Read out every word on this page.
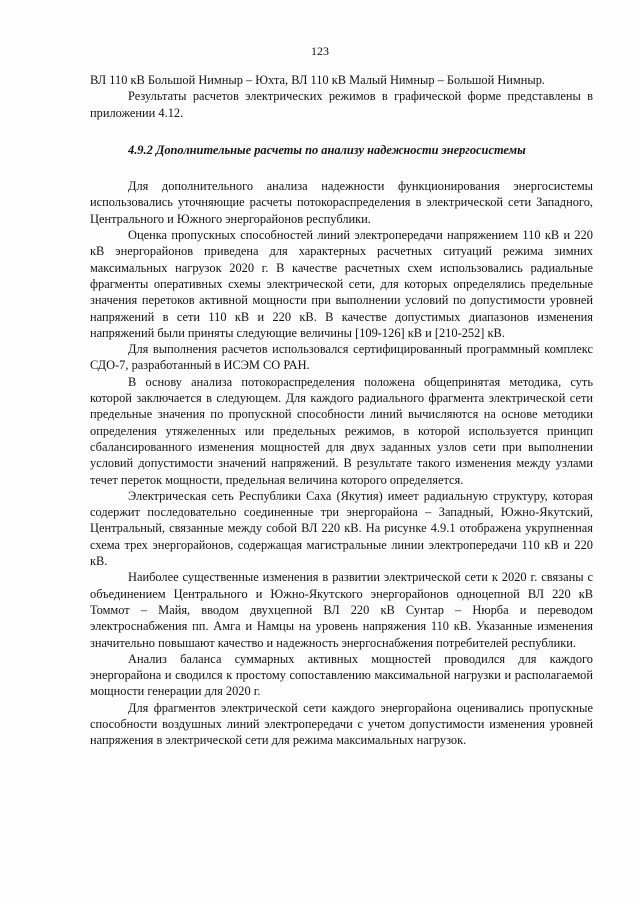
123

ВЛ 110 кВ Большой Нимныр – Юхта, ВЛ 110 кВ Малый Нимныр – Большой Нимныр.

Результаты расчетов электрических режимов в графической форме представлены в приложении 4.12.

4.9.2 Дополнительные расчеты по анализу надежности энергосистемы

Для дополнительного анализа надежности функционирования энергосистемы использовались уточняющие расчеты потокораспределения в электрической сети Западного, Центрального и Южного энергорайонов республики.

Оценка пропускных способностей линий электропередачи напряжением 110 кВ и 220 кВ энергорайонов приведена для характерных расчетных ситуаций режима зимних максимальных нагрузок 2020 г. В качестве расчетных схем использовались радиальные фрагменты оперативных схемы электрической сети, для которых определялись предельные значения перетоков активной мощности при выполнении условий по допустимости уровней напряжений в сети 110 кВ и 220 кВ. В качестве допустимых диапазонов изменения напряжений были приняты следующие величины [109-126] кВ и [210-252] кВ.

Для выполнения расчетов использовался сертифицированный программный комплекс СДО-7, разработанный в ИСЭМ СО РАН.

В основу анализа потокораспределения положена общепринятая методика, суть которой заключается в следующем. Для каждого радиального фрагмента электрической сети предельные значения по пропускной способности линий вычисляются на основе методики определения утяжеленных или предельных режимов, в которой используется принцип сбалансированного изменения мощностей для двух заданных узлов сети при выполнении условий допустимости значений напряжений. В результате такого изменения между узлами течет переток мощности, предельная величина которого определяется.

Электрическая сеть Республики Саха (Якутия) имеет радиальную структуру, которая содержит последовательно соединенные три энергорайона – Западный, Южно-Якутский, Центральный, связанные между собой ВЛ 220 кВ. На рисунке 4.9.1 отображена укрупненная схема трех энергорайонов, содержащая магистральные линии электропередачи 110 кВ и 220 кВ.

Наиболее существенные изменения в развитии электрической сети к 2020 г. связаны с объединением Центрального и Южно-Якутского энергорайонов одноцепной ВЛ 220 кВ Томмот – Майя, вводом двухцепной ВЛ 220 кВ Сунтар – Нюрба и переводом электроснабжения пп. Амга и Намцы на уровень напряжения 110 кВ. Указанные изменения значительно повышают качество и надежность энергоснабжения потребителей республики.

Анализ баланса суммарных активных мощностей проводился для каждого энергорайона и сводился к простому сопоставлению максимальной нагрузки и располагаемой мощности генерации для 2020 г.

Для фрагментов электрической сети каждого энергорайона оценивались пропускные способности воздушных линий электропередачи с учетом допустимости изменения уровней напряжения в электрической сети для режима максимальных нагрузок.
